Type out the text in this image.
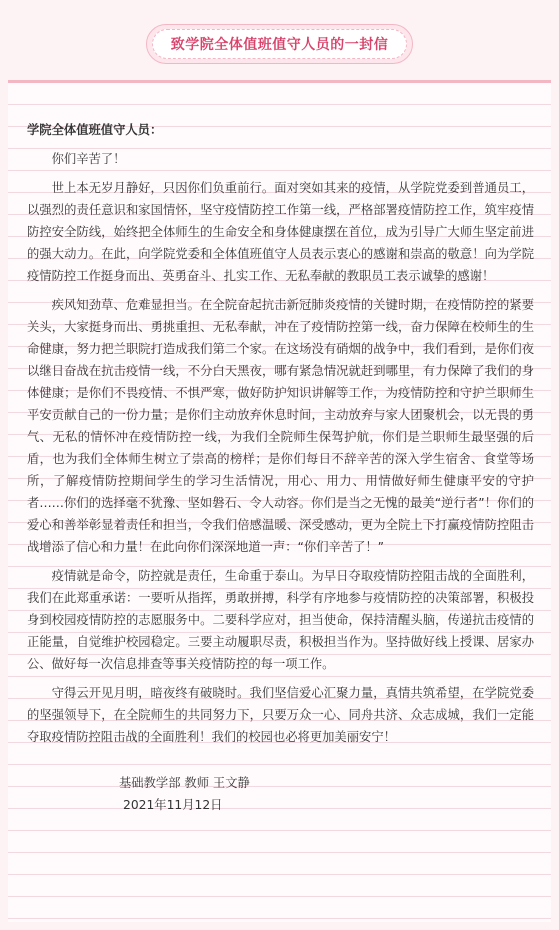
致学院全体值班值守人员的一封信

学院全体值班值守人员：

你们辛苦了！

世上本无岁月静好，只因你们负重前行。面对突如其来的疫情，从学院党委到普通员工，以强烈的责任意识和家国情怀，坚守疫情防控工作第一线，严格部署疫情防控工作，筑牢疫情防控安全防线，始终把全体师生的生命安全和身体健康摆在首位，成为引导广大师生坚定前进的强大动力。在此，向学院党委和全体值班值守人员表示衷心的感谢和崇高的敬意！向为学院疫情防控工作挺身而出、英勇奋斗、扎实工作、无私奉献的教职员工表示诚挚的感谢！

疾风知劲草、危难显担当。在全院奋起抗击新冠肺炎疫情的关键时期，在疫情防控的紧要关头，大家挺身而出、勇挑重担、无私奉献，冲在了疫情防控第一线，奋力保障在校师生的生命健康，努力把兰职院打造成我们第二个家。在这场没有硝烟的战争中，我们看到，是你们夜以继日奋战在抗击疫情一线，不分白天黑夜，哪有紧急情况就赶到哪里，有力保障了我们的身体健康；是你们不畏疫情、不惧严寒，做好防护知识讲解等工作，为疫情防控和守护兰职师生平安贡献自己的一份力量；是你们主动放弃休息时间，主动放弃与家人团聚机会，以无畏的勇气、无私的情怀冲在疫情防控一线，为我们全院师生保驾护航，你们是兰职师生最坚强的后盾，也为我们全体师生树立了崇高的榜样；是你们每日不辞辛苦的深入学生宿舍、食堂等场所，了解疫情防控期间学生的学习生活情况，用心、用力、用情做好师生健康平安的守护者……你们的选择毫不犹豫、坚如磐石、令人动容。你们是当之无愧的最美“逆行者”！你们的爱心和善举彰显着责任和担当，令我们倍感温暖、深受感动，更为全院上下打赢疫情防控阻击战增添了信心和力量！在此向你们深深地道一声：“你们辛苦了！”

疫情就是命令，防控就是责任，生命重于泰山。为早日夺取疫情防控阻击战的全面胜利，我们在此郑重承诺：一要听从指挥，勇敢拼搏，科学有序地参与疫情防控的决策部署，积极投身到校园疫情防控的志愿服务中。二要科学应对，担当使命，保持清醒头脑，传递抗击疫情的正能量，自觉维护校园稳定。三要主动履职尽责，积极担当作为。坚持做好线上授课、居家办公、做好每一次信息排查等事关疫情防控的每一项工作。

守得云开见月明，暗夜终有破晓时。我们坚信爱心汇聚力量，真情共筑希望，在学院党委的坚强领导下，在全院师生的共同努力下，只要万众一心、同舟共济、众志成城，我们一定能夺取疫情防控阻击战的全面胜利！我们的校园也必将更加美丽安宁！

基础教学部 教师 王文静
2021年11月12日
